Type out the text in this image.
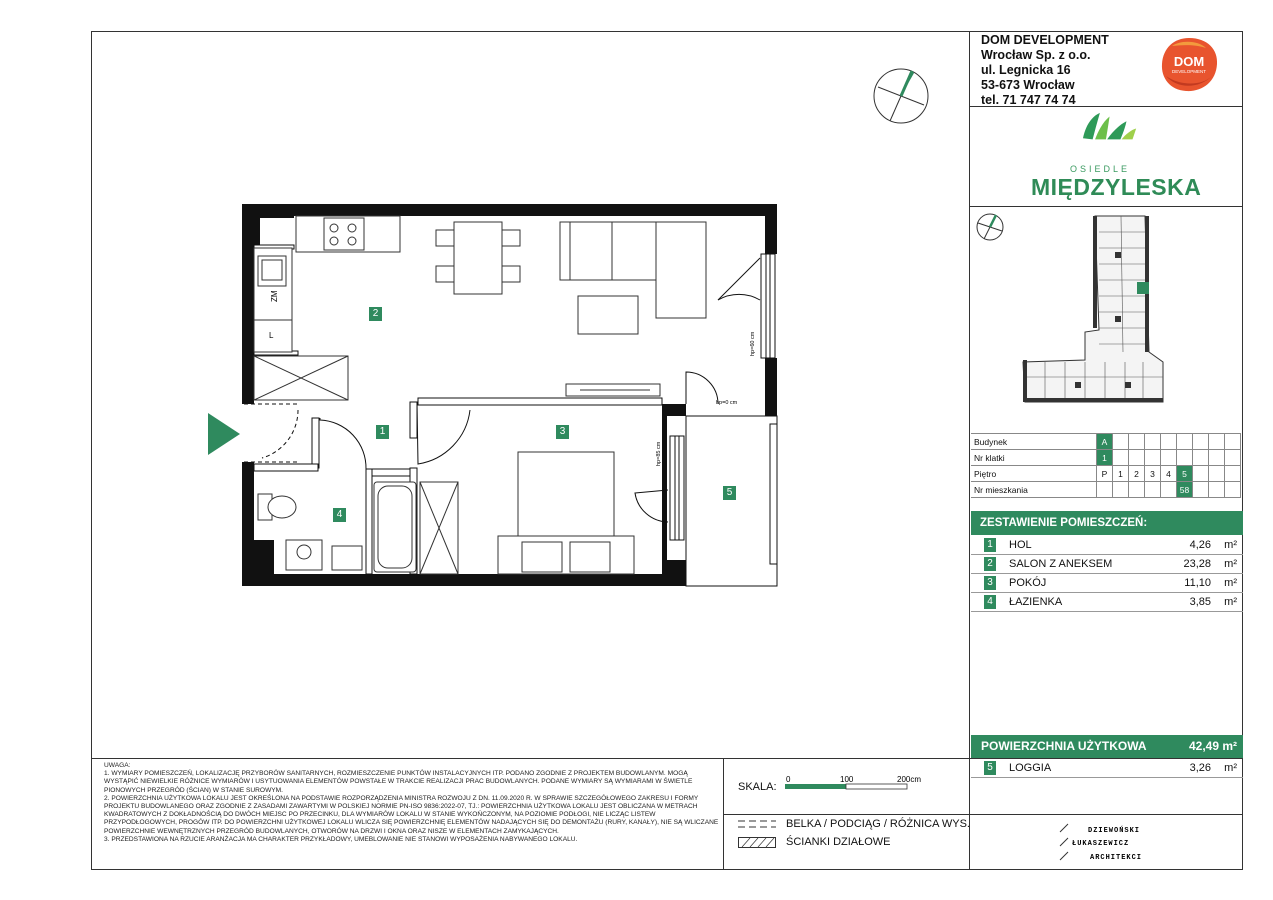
DOM DEVELOPMENT
Wrocław Sp. z o.o.
ul. Legnicka 16
53-673 Wrocław
tel. 71 747 74 74
DOM
DEVELOPMENT
OSIEDLE
MIĘDZYLESKA
Budynek	A								
Nr klatki	1								
Piętro	P	1	2	3	4	5			
Nr mieszkania						58			
ZESTAWIENIE POMIESZCZEŃ:
1 HOL	4,26 m²
2 SALON Z ANEKSEM	23,28 m²
3 POKÓJ	11,10 m²
4 ŁAZIENKA	3,85 m²
POWIERZCHNIA UŻYTKOWA	42,49 m²
5 LOGGIA	3,26 m²

UWAGA:

1. WYMIARY POMIESZCZEŃ, LOKALIZACJĘ PRZYBORÓW SANITARNYCH, ROZMIESZCZENIE PUNKTÓW INSTALACYJNYCH ITP. PODANO ZGODNIE Z PROJEKTEM BUDOWLANYM. MOGĄ WYSTĄPIĆ NIEWIELKIE RÓŻNICE WYMIARÓW I USYTUOWANIA ELEMENTÓW POWSTAŁE W TRAKCIE REALIZACJI PRAC BUDOWLANYCH. PODANE WYMIARY SĄ WYMIARAMI W ŚWIETLE PIONOWYCH PRZEGRÓD (ŚCIAN) W STANIE SUROWYM.

2. POWIERZCHNIA UŻYTKOWA LOKALU JEST OKREŚLONA NA PODSTAWIE ROZPORZĄDZENIA MINISTRA ROZWOJU Z DN. 11.09.2020 R. W SPRAWIE SZCZEGÓŁOWEGO ZAKRESU I FORMY PROJEKTU BUDOWLANEGO ORAZ ZGODNIE Z ZASADAMI ZAWARTYMI W POLSKIEJ NORMIE PN-ISO 9836:2022-07, TJ.: POWIERZCHNIA UŻYTKOWA LOKALU JEST OBLICZANA W METRACH KWADRATOWYCH Z DOKŁADNOŚCIĄ DO DWÓCH MIEJSC PO PRZECINKU, DLA WYMIARÓW LOKALU W STANIE WYKOŃCZONYM, NA POZIOMIE PODŁOGI, NIE LICZĄC LISTEW PRZYPODŁOGOWYCH, PROGÓW ITP. DO POWIERZCHNI UŻYTKOWEJ LOKALU WLICZA SIĘ POWIERZCHNIĘ ELEMENTÓW NADAJĄCYCH SIĘ DO DEMONTAŻU (RURY, KANAŁY), NIE SĄ WLICZANE POWIERZCHNIE WEWNĘTRZNYCH PRZEGRÓD BUDOWLANYCH, OTWORÓW NA DRZWI I OKNA ORAZ NISZE W ELEMENTACH ZAMYKAJĄCYCH.

3. PRZEDSTAWIONA NA RZUCIE ARANŻACJA MA CHARAKTER PRZYKŁADOWY, UMEBLOWANIE NIE STANOWI WYPOSAŻENIA NABYWANEGO LOKALU.

SKALA:
0	100	200cm
BELKA / PODCIĄG / RÓŻNICA WYS.
ŚCIANKI DZIAŁOWE
DZIEWOŃSKI
ŁUKASZEWICZ
ARCHITEKCI
ZM
L	hp=60 cm
hp=0 cm
hp=85 cm
2
1	3
4
5
